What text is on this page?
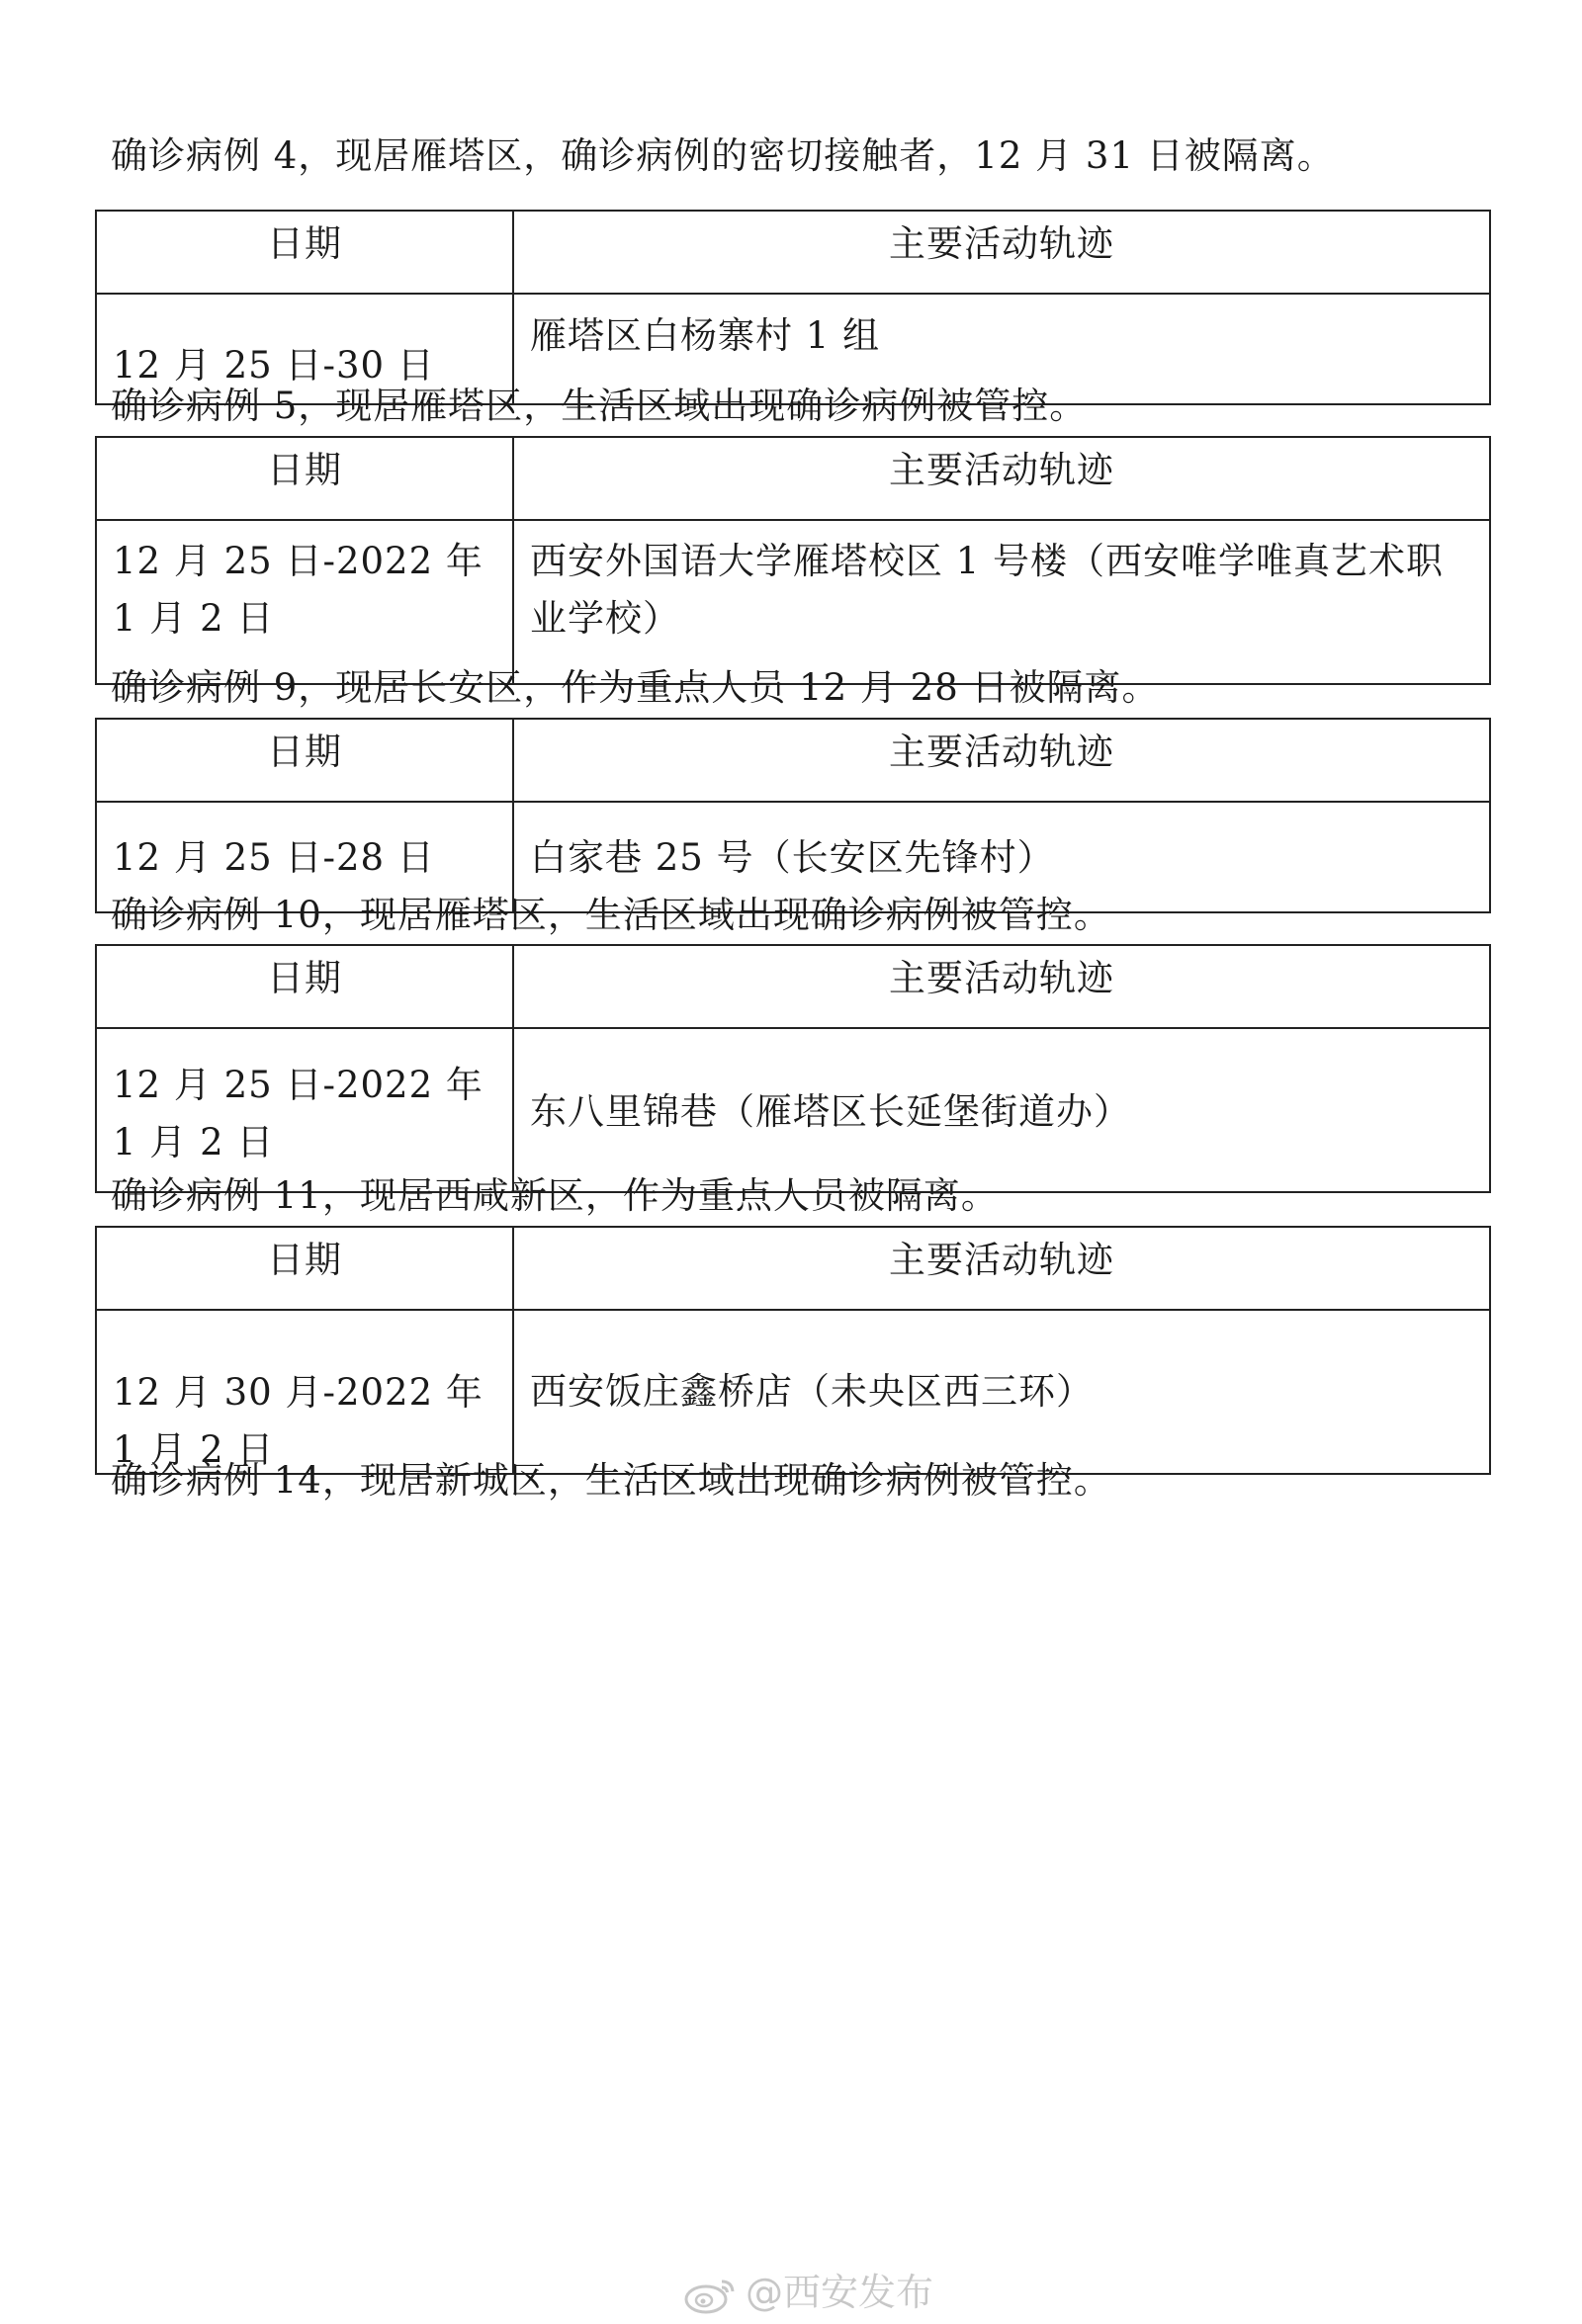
确诊病例 4，现居雁塔区，确诊病例的密切接触者，12 月 31 日被隔离。
日期	主要活动轨迹

12 月 25 日-30 日	雁塔区白杨寨村 1 组
确诊病例 5，现居雁塔区，生活区域出现确诊病例被管控。
日期	主要活动轨迹

12 月 25 日-2022 年 1 月 2 日	西安外国语大学雁塔校区 1 号楼（西安唯学唯真艺术职业学校）
确诊病例 9，现居长安区，作为重点人员 12 月 28 日被隔离。
日期	主要活动轨迹

12 月 25 日-28 日	白家巷 25 号（长安区先锋村）
确诊病例 10，现居雁塔区，生活区域出现确诊病例被管控。
日期	主要活动轨迹

12 月 25 日-2022 年 1 月 2 日	东八里锦巷（雁塔区长延堡街道办）
确诊病例 11，现居西咸新区，作为重点人员被隔离。
日期	主要活动轨迹

12 月 30 月-2022 年 1 月 2 日	西安饭庄鑫桥店（未央区西三环）
确诊病例 14，现居新城区，生活区域出现确诊病例被管控。
@西安发布
